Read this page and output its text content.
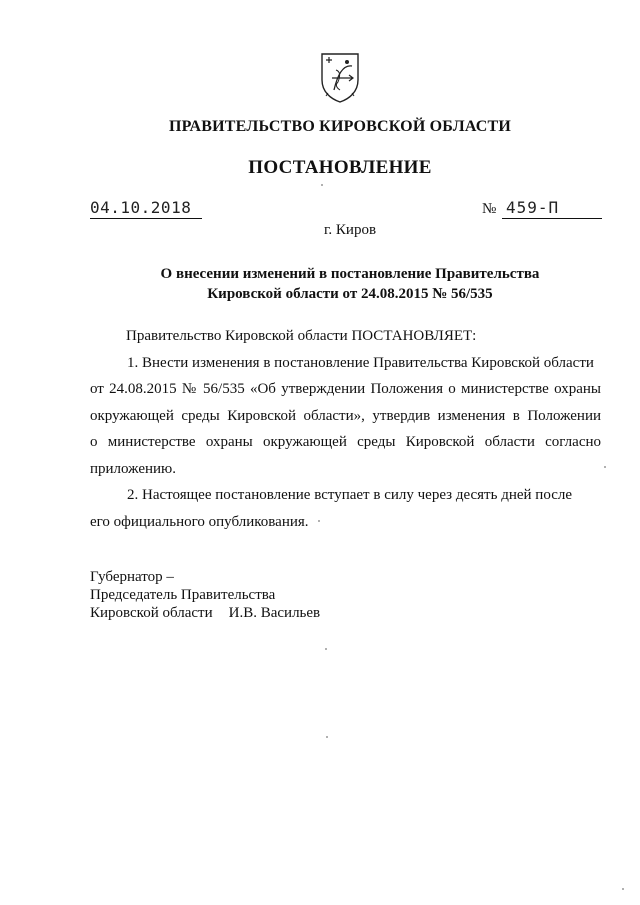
ПРАВИТЕЛЬСТВО КИРОВСКОЙ ОБЛАСТИ
ПОСТАНОВЛЕНИЕ
04.10.2018	№ 459-П
г. Киров
О внесении изменений в постановление Правительства
Кировской области от 24.08.2015 № 56/535
Правительство Кировской области ПОСТАНОВЛЯЕТ:
1. Внести изменения в постановление Правительства Кировской области
от 24.08.2015 № 56/535 «Об утверждении Положения о министерстве охраны
окружающей среды Кировской области», утвердив изменения в Положении
о министерстве охраны окружающей среды Кировской области согласно
приложению.
2. Настоящее постановление вступает в силу через десять дней после
его официального опубликования.
Губернатор –
Председатель Правительства
Кировской области И.В. Васильев
